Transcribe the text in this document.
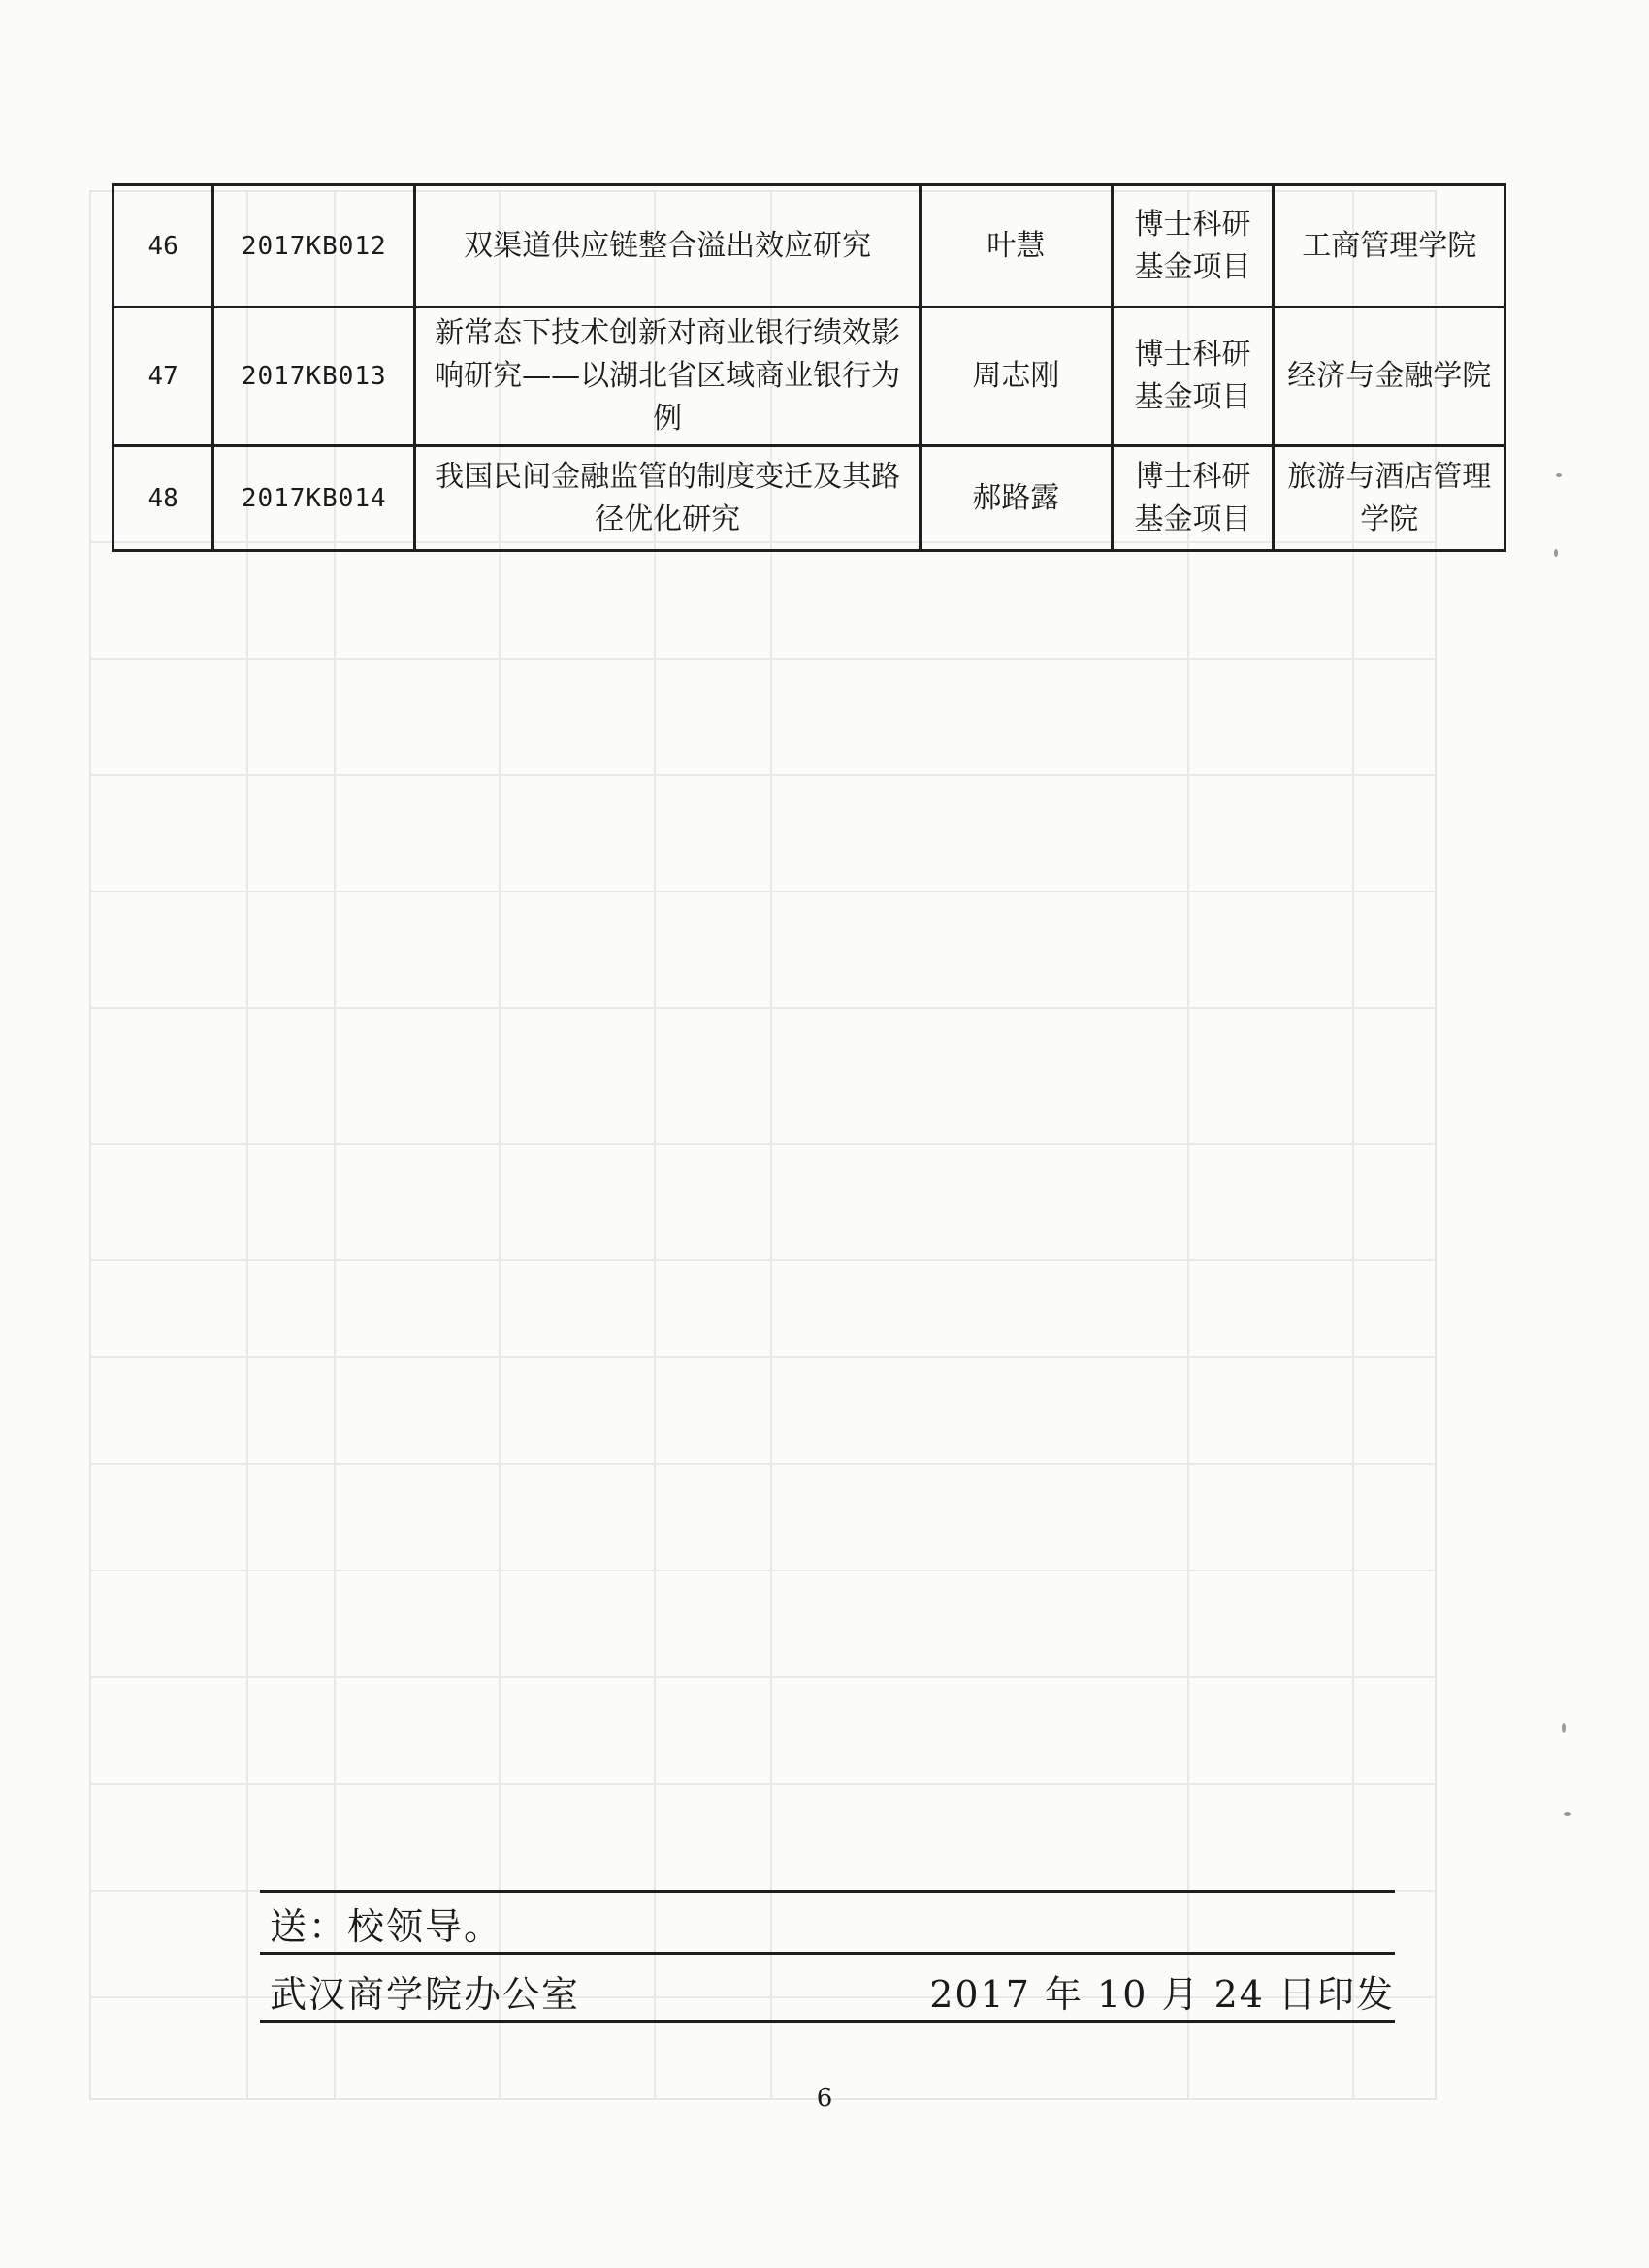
46	2017KB012	双渠道供应链整合溢出效应研究	叶慧	博士科研基金项目	工商管理学院
47	2017KB013	新常态下技术创新对商业银行绩效影响研究——以湖北省区域商业银行为例	周志刚	博士科研基金项目	经济与金融学院
48	2017KB014	我国民间金融监管的制度变迁及其路径优化研究	郝路露	博士科研基金项目	旅游与酒店管理学院
送：校领导。
武汉商学院办公室	2017 年 10 月 24 日印发
6
